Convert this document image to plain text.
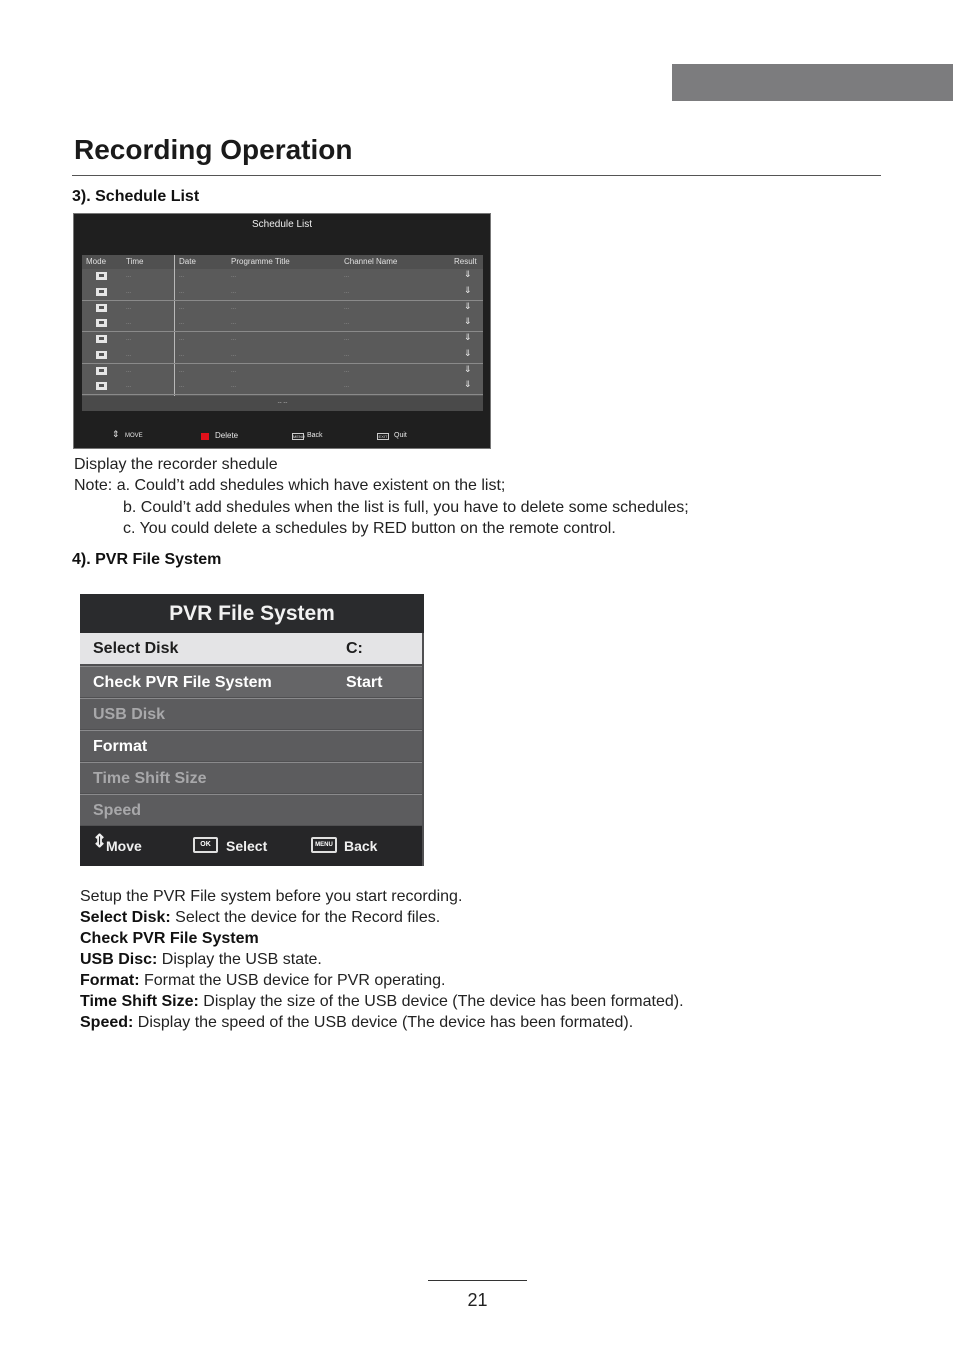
Recording Operation
3). Schedule List
Schedule List
Mode Time	Date	Programme Title	Channel Name	Result
...	...	...	...	⇓
...	...	...	...	⇓
...	...	...	...	⇓
...	...	...	...	⇓
...	...	...	...	⇓
...	...	...	...	⇓
...	...	...	...	⇓
...	...	...	...	⇓
-- --
⇕ MOVE	Delete	MENU Back	EXIT Quit

Display the recorder shedule

Note: a. Could’t add shedules which have existent on the list;

b. Could’t add shedules when the list is full, you have to delete some schedules;

c. You could delete a schedules by RED button on the remote control.

4). PVR File System
PVR File System
Select Disk	C:
Check PVR File System	Start
USB Disk
Format
Time Shift Size
Speed
⇕
Move	OK	Select	MENU Back

Setup the PVR File system before you start recording.

Select Disk: Select the device for the Record files.

Check PVR File System

USB Disc: Display the USB state.

Format: Format the USB device for PVR operating.

Time Shift Size: Display the size of the USB device (The device has been formated).

Speed: Display the speed of the USB device (The device has been formated).

21
